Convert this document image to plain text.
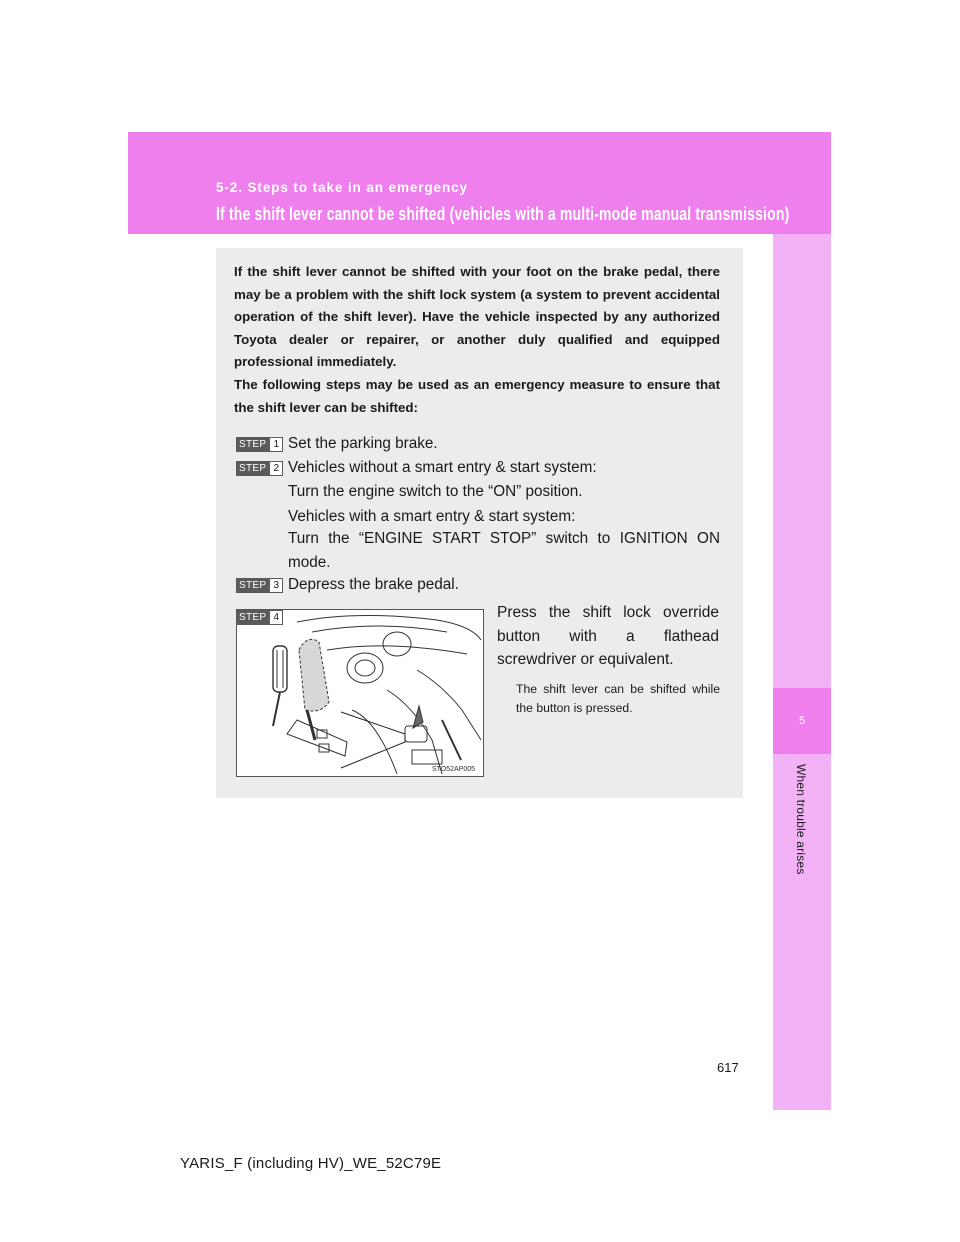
5-2. Steps to take in an emergency
If the shift lever cannot be shifted (vehicles with a multi-mode manual transmission)
5
When trouble arises

If the shift lever cannot be shifted with your foot on the brake pedal, there may be a problem with the shift lock system (a system to prevent accidental operation of the shift lever). Have the vehicle inspected by any authorized Toyota dealer or repairer, or another duly qualified and equipped professional immediately.

The following steps may be used as an emergency measure to ensure that the shift lever can be shifted:

STEP 1 Set the parking brake.
STEP 2 Vehicles without a smart entry & start system:
Turn the engine switch to the “ON” position.
Vehicles with a smart entry & start system:
Turn the “ENGINE START STOP” switch to IGNITION ON mode.
STEP 3 Depress the brake pedal.
STEP 4	Press the shift lock override button with a flathead screwdriver or equivalent.
The shift lever can be shifted while the button is pressed.
STO52AP005
617
YARIS_F (including HV)_WE_52C79E
